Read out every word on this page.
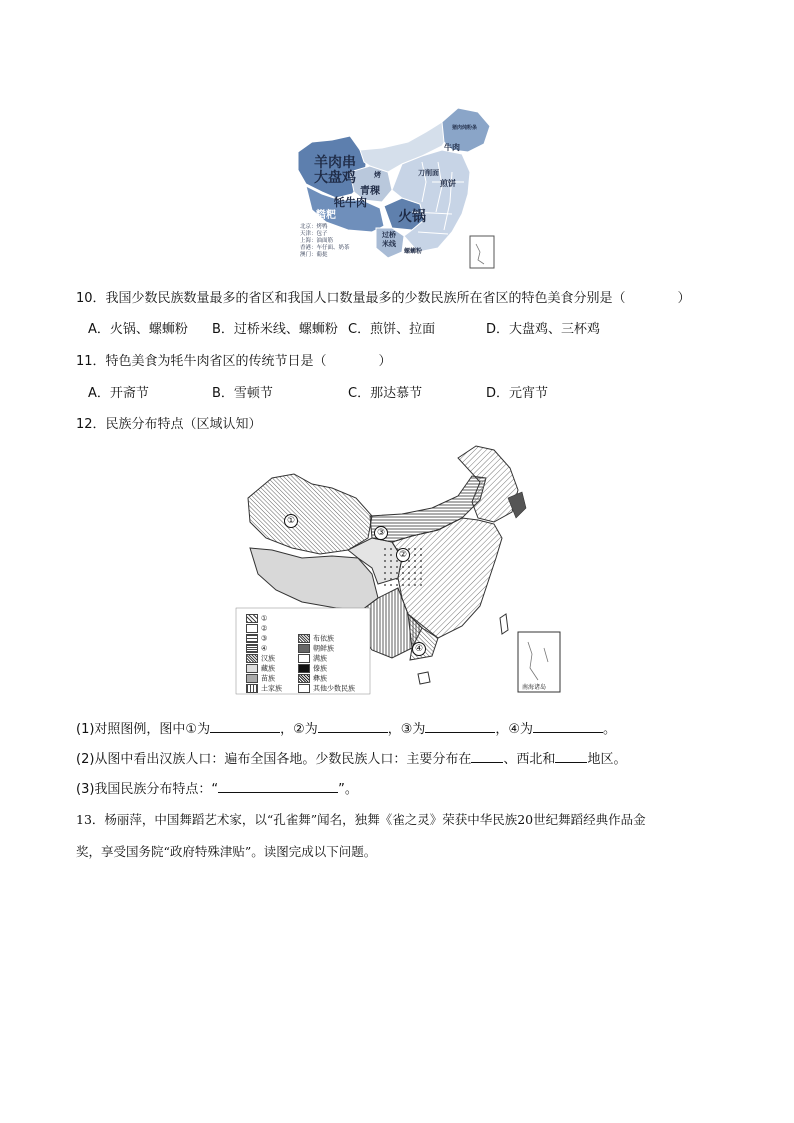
羊肉串
大盘鸡
青稞
牦牛肉
糌粑	火锅
过桥
米线
螺蛳粉
煎饼
牛肉
刀削面
猪肉炖粉条
烤
北京：烤鸭
天津：包子
上海：油面筋
香港：车仔面、奶茶
澳门：葡挞
10．我国少数民族数量最多的省区和我国人口数量最多的少数民族所在省区的特色美食分别是（　　　　）
A．火锅、螺蛳粉 B．过桥米线、螺蛳粉 C．煎饼、拉面	D．大盘鸡、三杯鸡
11．特色美食为牦牛肉省区的传统节日是（　　　　）
A．开斋节	B．雪顿节	C．那达慕节	D．元宵节
12．民族分布特点（区域认知）
①
②
③
④
南海诸岛
①
②
③
④
汉族
藏族
苗族
土家族
布依族
朝鲜族
满族
傣族
彝族
其他少数民族
(1)对照图例，图中①为	，②为	，③为	，④为	。
(2)从图中看出汉族人口：遍布全国各地。少数民族人口：主要分布在 、西北和 地区。
(3)我国民族分布特点：“	”。
13．杨丽萍，中国舞蹈艺术家，以“孔雀舞”闻名，独舞《雀之灵》荣获中华民族20世纪舞蹈经典作品金
奖，享受国务院“政府特殊津贴”。读图完成以下问题。
